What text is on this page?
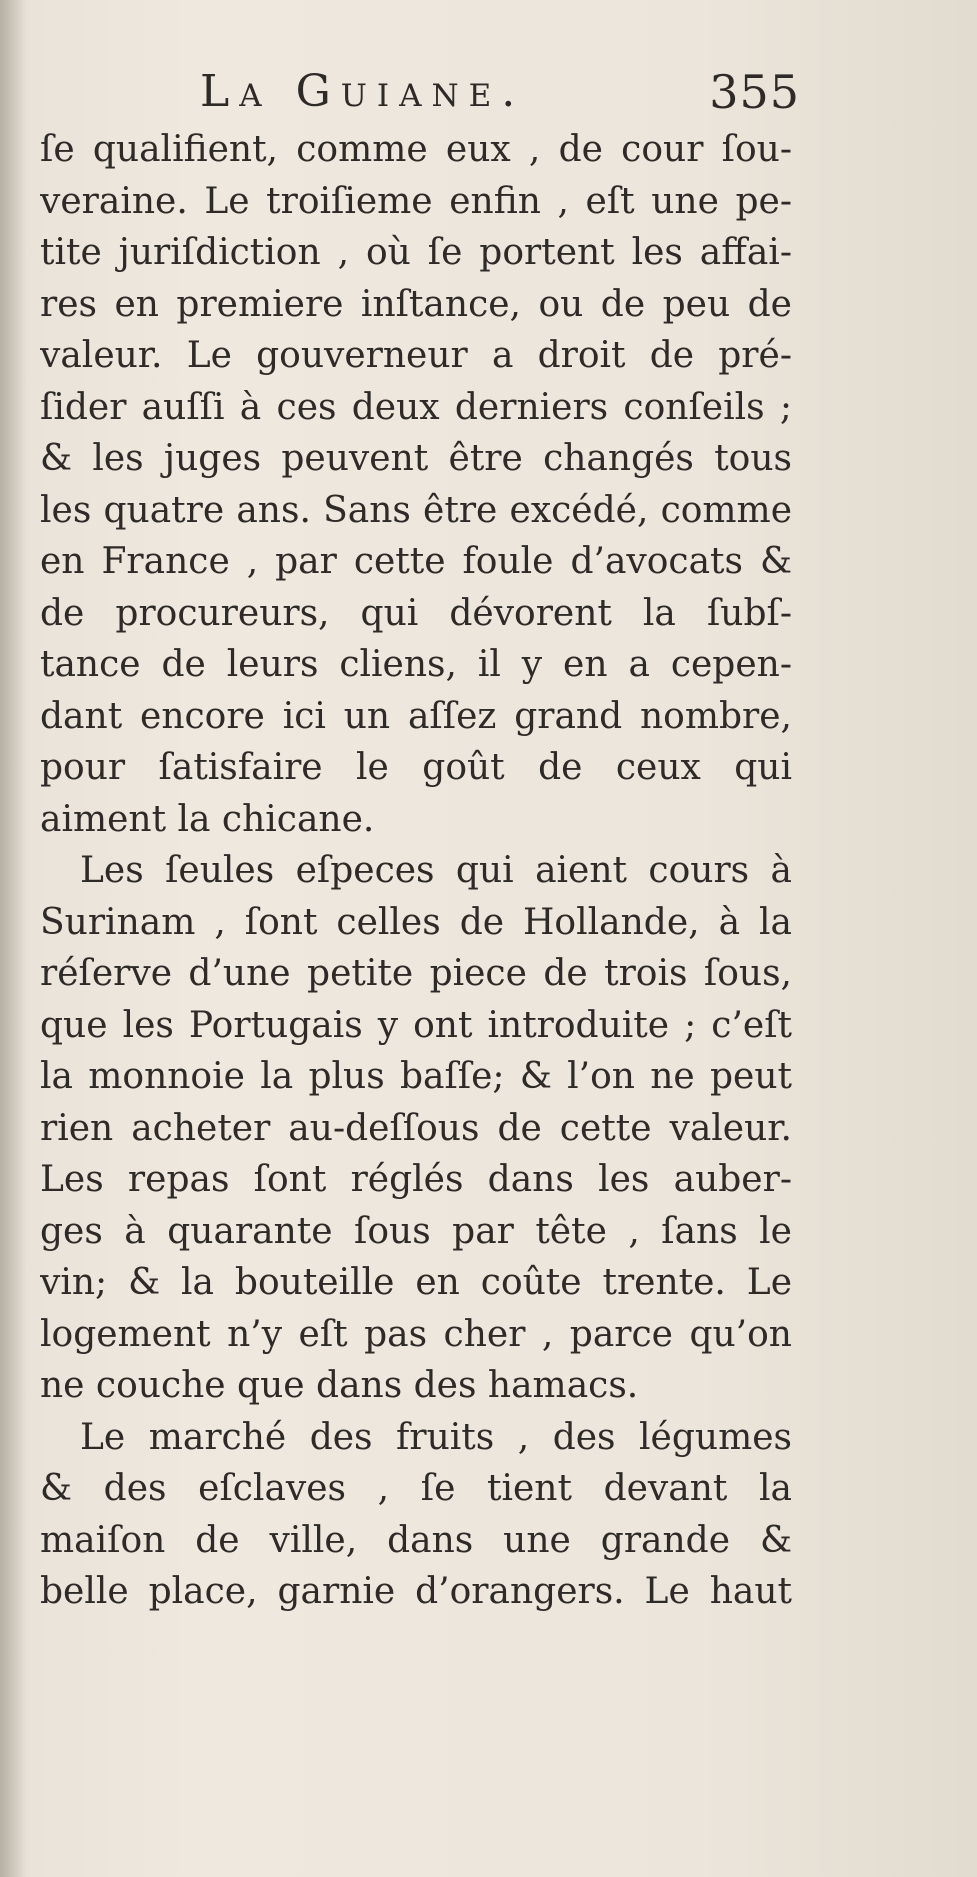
La Guiane.	355
ſe qualifient, comme eux , de cour ſou-
veraine. Le troiſieme enfin , eſt une pe-
tite juriſdiction , où ſe portent les affai-
res en premiere inſtance, ou de peu de
valeur. Le gouverneur a droit de pré-
ſider auſſi à ces deux derniers conſeils ;
& les juges peuvent être changés tous
les quatre ans. Sans être excédé, comme
en France , par cette foule d’avocats &
de procureurs, qui dévorent la ſubſ-
tance de leurs cliens, il y en a cepen-
dant encore ici un aſſez grand nombre,
pour ſatisfaire le goût de ceux qui
aiment la chicane.
Les ſeules eſpeces qui aient cours à
Surinam , ſont celles de Hollande, à la
réſerve d’une petite piece de trois ſous,
que les Portugais y ont introduite ; c’eſt
la monnoie la plus baſſe; & l’on ne peut
rien acheter au-deſſous de cette valeur.
Les repas ſont réglés dans les auber-
ges à quarante ſous par tête , ſans le
vin; & la bouteille en coûte trente. Le
logement n’y eſt pas cher , parce qu’on
ne couche que dans des hamacs.
Le marché des fruits , des légumes
& des eſclaves , ſe tient devant la
maiſon de ville, dans une grande &
belle place, garnie d’orangers. Le haut
